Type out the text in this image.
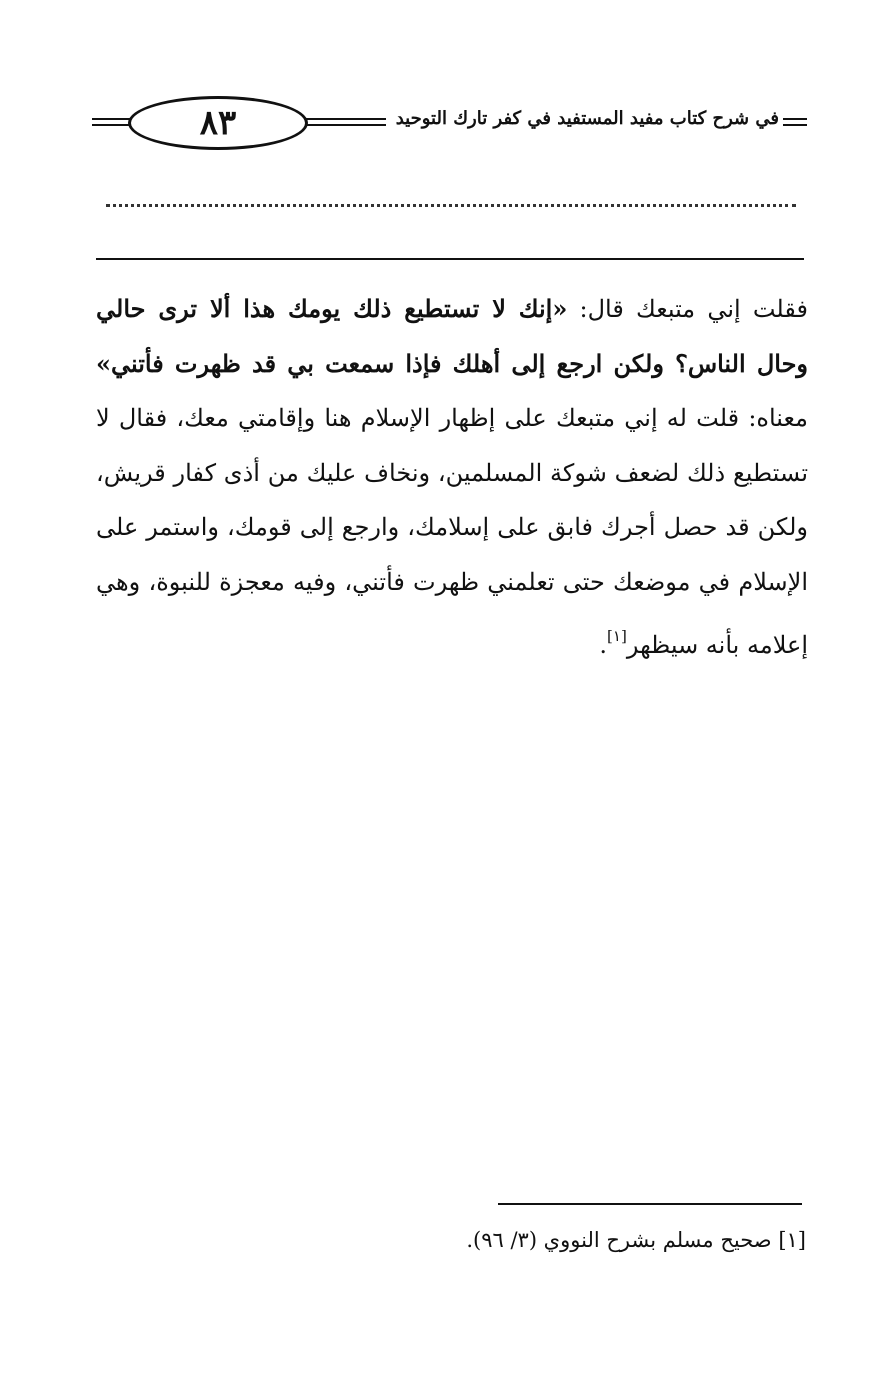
٨٣	في شرح كتاب مفيد المستفيد في كفر تارك التوحيد
فقلت إني متبعك قال: «إنك لا تستطيع ذلك يومك هذا ألا ترى حالي وحال الناس؟ ولكن ارجع إلى أهلك فإذا سمعت بي قد ظهرت فأتني» معناه: قلت له إني متبعك على إظهار الإسلام هنا وإقامتي معك، فقال لا تستطيع ذلك لضعف شوكة المسلمين، ونخاف عليك من أذى كفار قريش، ولكن قد حصل أجرك فابق على إسلامك، وارجع إلى قومك، واستمر على الإسلام في موضعك حتى تعلمني ظهرت فأتني، وفيه معجزة للنبوة، وهي إعلامه بأنه سيظهر[١].
[١] صحيح مسلم بشرح النووي (٣/ ٩٦).
